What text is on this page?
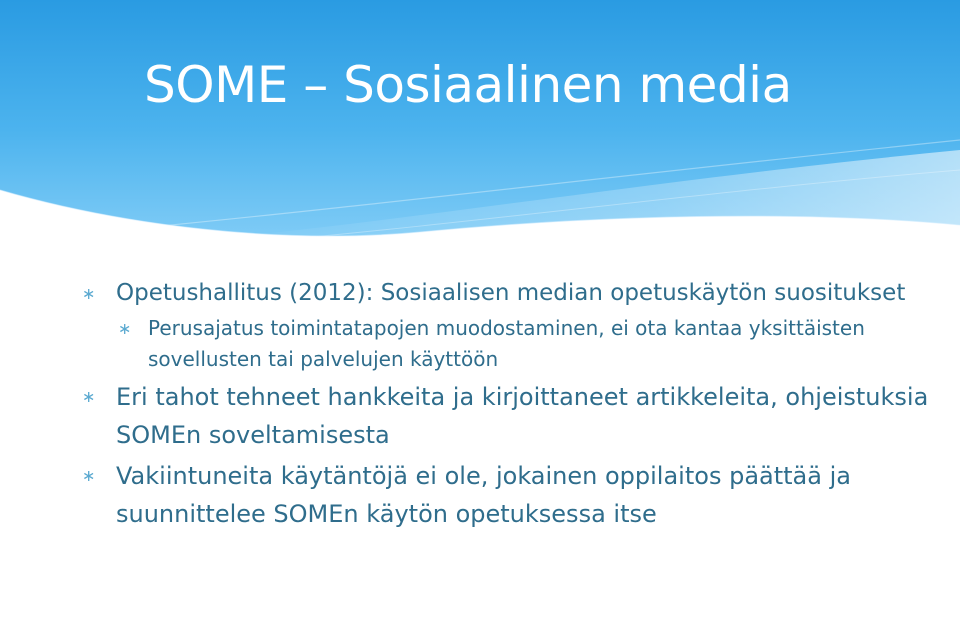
SOME – Sosiaalinen media
∗ Opetushallitus (2012): Sosiaalisen median opetuskäytön suositukset
∗ Perusajatus toimintatapojen muodostaminen, ei ota kantaa yksittäisten sovellusten tai palvelujen käyttöön
∗ Eri tahot tehneet hankkeita ja kirjoittaneet artikkeleita, ohjeistuksia SOMEn soveltamisesta
∗ Vakiintuneita käytäntöjä ei ole, jokainen oppilaitos päättää ja suunnittelee SOMEn käytön opetuksessa itse
